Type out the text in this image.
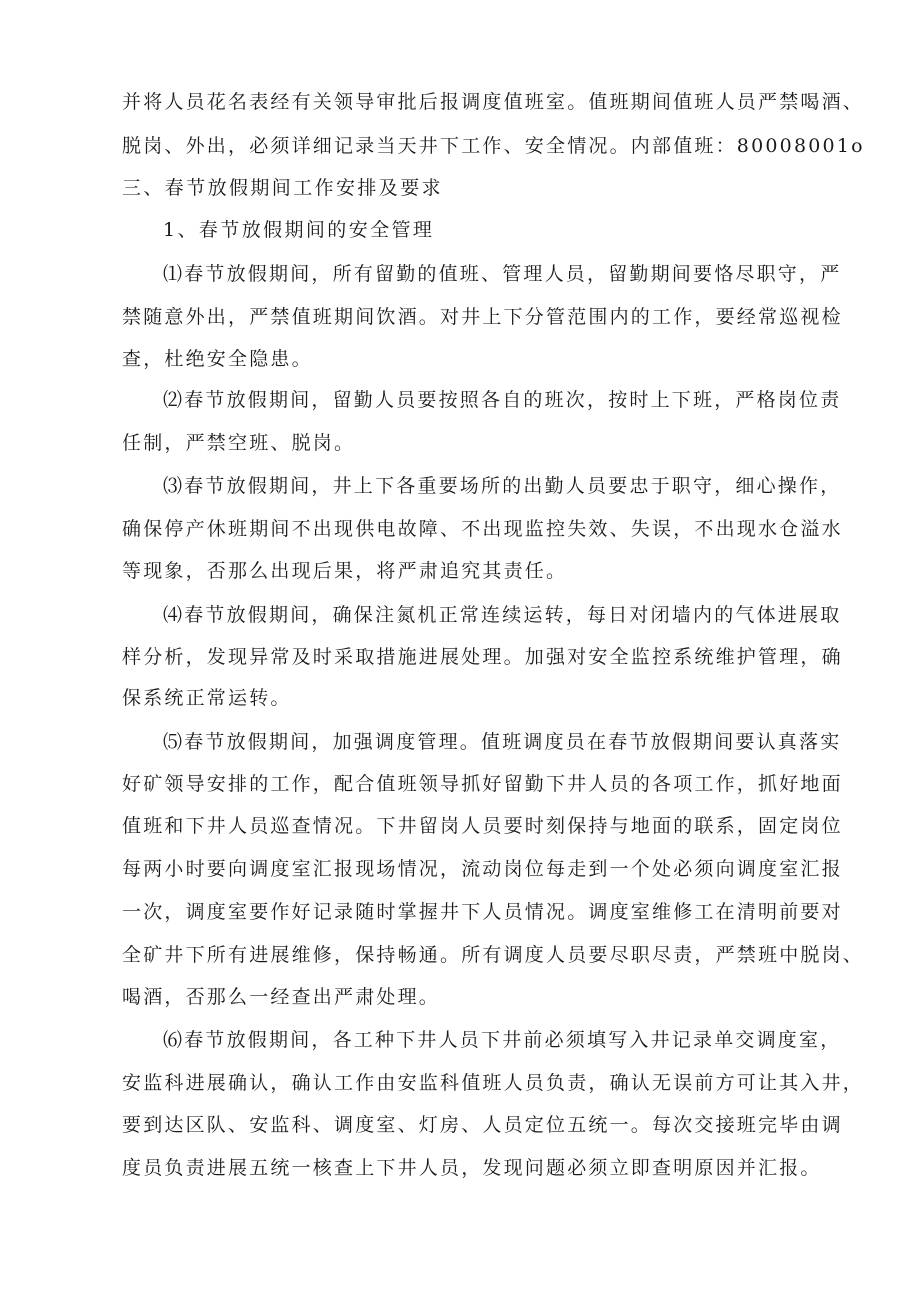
并将人员花名表经有关领导审批后报调度值班室。值班期间值班人员严禁喝酒、
脱岗、外出，必须详细记录当天井下工作、安全情况。内部值班：80008001o
三、春节放假期间工作安排及要求
1、春节放假期间的安全管理
⑴春节放假期间，所有留勤的值班、管理人员，留勤期间要恪尽职守，严
禁随意外出，严禁值班期间饮酒。对井上下分管范围内的工作，要经常巡视检
查，杜绝安全隐患。
⑵春节放假期间，留勤人员要按照各自的班次，按时上下班，严格岗位责
任制，严禁空班、脱岗。
⑶春节放假期间，井上下各重要场所的出勤人员要忠于职守，细心操作，
确保停产休班期间不出现供电故障、不出现监控失效、失误，不出现水仓溢水
等现象，否那么出现后果，将严肃追究其责任。
⑷春节放假期间，确保注氮机正常连续运转，每日对闭墙内的气体进展取
样分析，发现异常及时采取措施进展处理。加强对安全监控系统维护管理，确
保系统正常运转。
⑸春节放假期间，加强调度管理。值班调度员在春节放假期间要认真落实
好矿领导安排的工作，配合值班领导抓好留勤下井人员的各项工作，抓好地面
值班和下井人员巡查情况。下井留岗人员要时刻保持与地面的联系，固定岗位
每两小时要向调度室汇报现场情况，流动岗位每走到一个处必须向调度室汇报
一次，调度室要作好记录随时掌握井下人员情况。调度室维修工在清明前要对
全矿井下所有进展维修，保持畅通。所有调度人员要尽职尽责，严禁班中脱岗、
喝酒，否那么一经查出严肃处理。
⑹春节放假期间，各工种下井人员下井前必须填写入井记录单交调度室，
安监科进展确认，确认工作由安监科值班人员负责，确认无误前方可让其入井，
要到达区队、安监科、调度室、灯房、人员定位五统一。每次交接班完毕由调
度员负责进展五统一核查上下井人员，发现问题必须立即查明原因并汇报。
